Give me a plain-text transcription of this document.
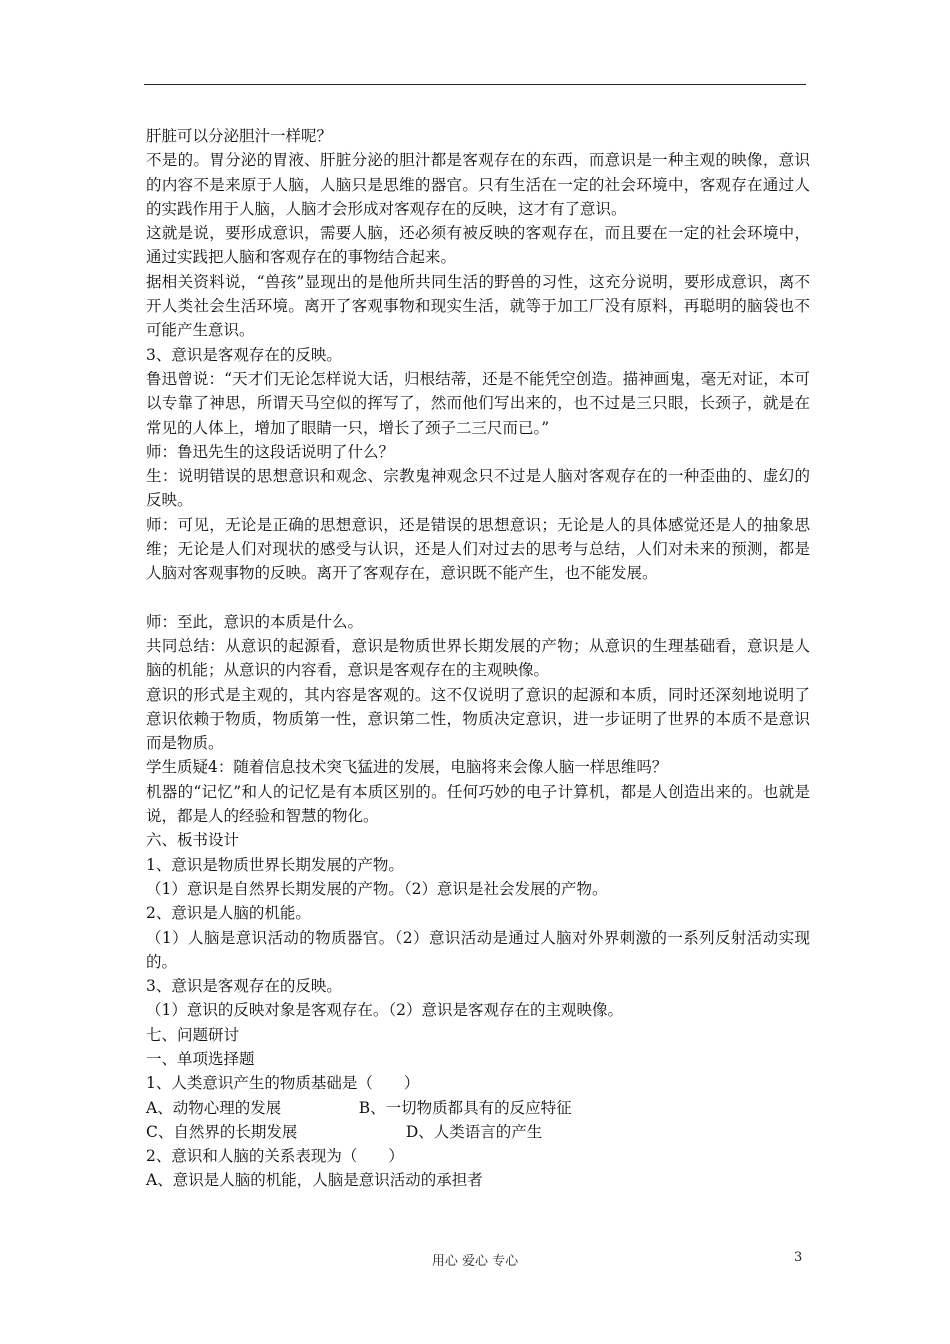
肝脏可以分泌胆汁一样呢？

不是的。胃分泌的胃液、肝脏分泌的胆汁都是客观存在的东西，而意识是一种主观的映像，意识的内容不是来原于人脑，人脑只是思维的器官。只有生活在一定的社会环境中，客观存在通过人的实践作用于人脑，人脑才会形成对客观存在的反映，这才有了意识。

这就是说，要形成意识，需要人脑，还必须有被反映的客观存在，而且要在一定的社会环境中，通过实践把人脑和客观存在的事物结合起来。

据相关资料说，“兽孩”显现出的是他所共同生活的野兽的习性，这充分说明，要形成意识，离不开人类社会生活环境。离开了客观事物和现实生活，就等于加工厂没有原料，再聪明的脑袋也不可能产生意识。

3、意识是客观存在的反映。

鲁迅曾说：“天才们无论怎样说大话，归根结蒂，还是不能凭空创造。描神画鬼，毫无对证，本可以专靠了神思，所谓天马空似的挥写了，然而他们写出来的，也不过是三只眼，长颈子，就是在常见的人体上，增加了眼睛一只，增长了颈子二三尺而已。”

师：鲁迅先生的这段话说明了什么？

生：说明错误的思想意识和观念、宗教鬼神观念只不过是人脑对客观存在的一种歪曲的、虚幻的反映。

师：可见，无论是正确的思想意识，还是错误的思想意识；无论是人的具体感觉还是人的抽象思维；无论是人们对现状的感受与认识，还是人们对过去的思考与总结，人们对未来的预测，都是人脑对客观事物的反映。离开了客观存在，意识既不能产生，也不能发展。

师：至此，意识的本质是什么。

共同总结：从意识的起源看，意识是物质世界长期发展的产物；从意识的生理基础看，意识是人脑的机能；从意识的内容看，意识是客观存在的主观映像。

意识的形式是主观的，其内容是客观的。这不仅说明了意识的起源和本质，同时还深刻地说明了意识依赖于物质，物质第一性，意识第二性，物质决定意识，进一步证明了世界的本质不是意识而是物质。

学生质疑4：随着信息技术突飞猛进的发展，电脑将来会像人脑一样思维吗？

机器的“记忆”和人的记忆是有本质区别的。任何巧妙的电子计算机，都是人创造出来的。也就是说，都是人的经验和智慧的物化。

六、板书设计

1、意识是物质世界长期发展的产物。

（1）意识是自然界长期发展的产物。（2）意识是社会发展的产物。

2、意识是人脑的机能。

（1）人脑是意识活动的物质器官。（2）意识活动是通过人脑对外界刺激的一系列反射活动实现的。

3、意识是客观存在的反映。

（1）意识的反映对象是客观存在。（2）意识是客观存在的主观映像。

七、问题研讨

一、单项选择题

1、人类意识产生的物质基础是（　　）

A、动物心理的发展　　　　　B、一切物质都具有的反应特征

C、自然界的长期发展　　　　　　　D、人类语言的产生

2、意识和人脑的关系表现为（　　）

A、意识是人脑的机能，人脑是意识活动的承担者

用心 爱心 专心	3
